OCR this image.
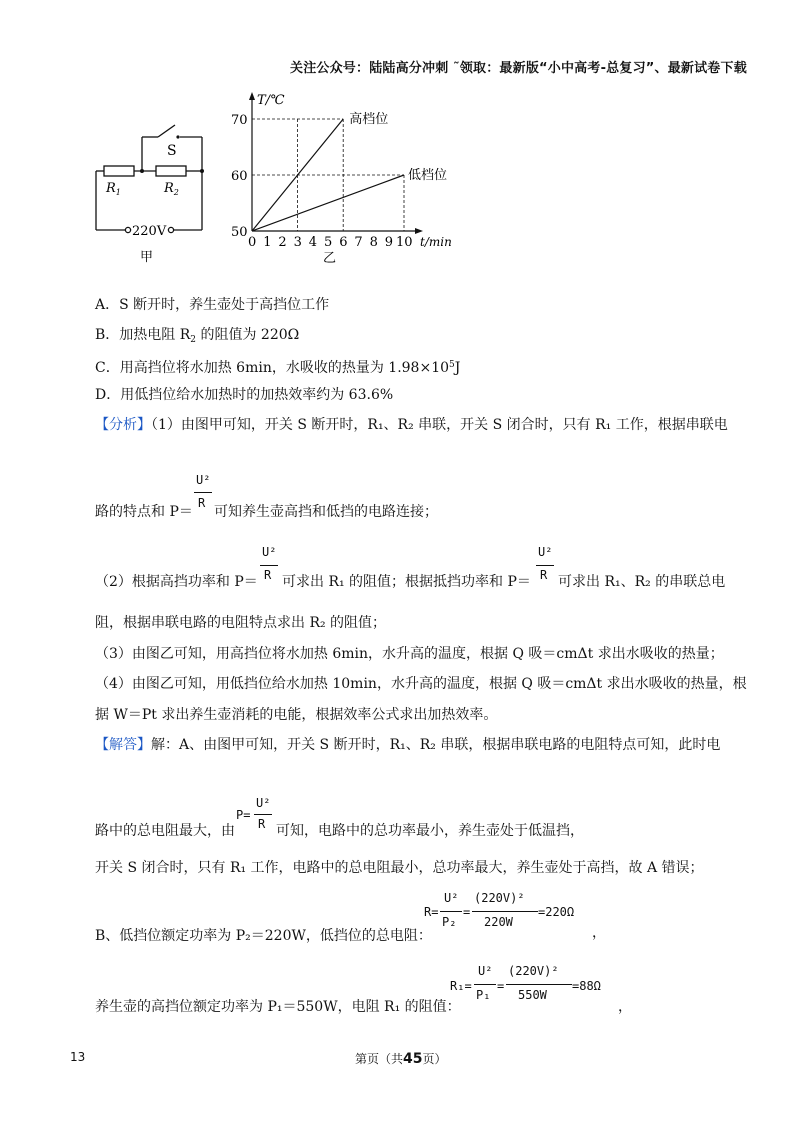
关注公众号：陆陆高分冲刺 ˜领取：最新版“小中高考-总复习”、最新试卷下载
S
$R_1$	$R_2$
220V
甲
T/℃
t/min
70
60
50
0 1 2 3 4 5 6 7 8 9 10
高档位
低档位
乙
A．S 断开时，养生壶处于高挡位工作
B．加热电阻 $R_2$ 的阻值为 220Ω
C．用高挡位将水加热 6min，水吸收的热量为 $1.98\times 10^5J$
D．用低挡位给水加热时的加热效率约为 63.6%
【分析】（1）由图甲可知，开关 S 断开时，R₁、R₂ 串联，开关 S 闭合时，只有 R₁ 工作，根据串联电
路的特点和 P＝
U²
R
可知养生壶高挡和低挡的电路连接；
（2）根据高挡功率和 P＝
U²
R 可求出 R₁ 的阻值；根据抵挡功率和 P＝
U²
R 可求出 R₁、R₂ 的串联总电
阻，根据串联电路的电阻特点求出 R₂ 的阻值；
（3）由图乙可知，用高挡位将水加热 6min，水升高的温度，根据 Q 吸＝cmΔt 求出水吸收的热量；
（4）由图乙可知，用低挡位给水加热 10min，水升高的温度，根据 Q 吸＝cmΔt 求出水吸收的热量，根
据 W＝Pt 求出养生壶消耗的电能，根据效率公式求出加热效率。
【解答】解：A、由图甲可知，开关 S 断开时，R₁、R₂ 串联，根据串联电路的电阻特点可知，此时电
路中的总电阻最大，由
P=
U²
R 可知，电路中的总功率最小，养生壶处于低温挡，
开关 S 闭合时，只有 R₁ 工作，电路中的总电阻最小，总功率最大，养生壶处于高挡，故 A 错误；
B、低挡位额定功率为 P₂＝220W，低挡位的总电阻：
R=
U²
P₂
=
(220V)²
220W
=220Ω
，
养生壶的高挡位额定功率为 P₁＝550W，电阻 R₁ 的阻值：
R₁=
U²
P₁
=
(220V)²
550W
=88Ω
，
13	第页（共45页）
